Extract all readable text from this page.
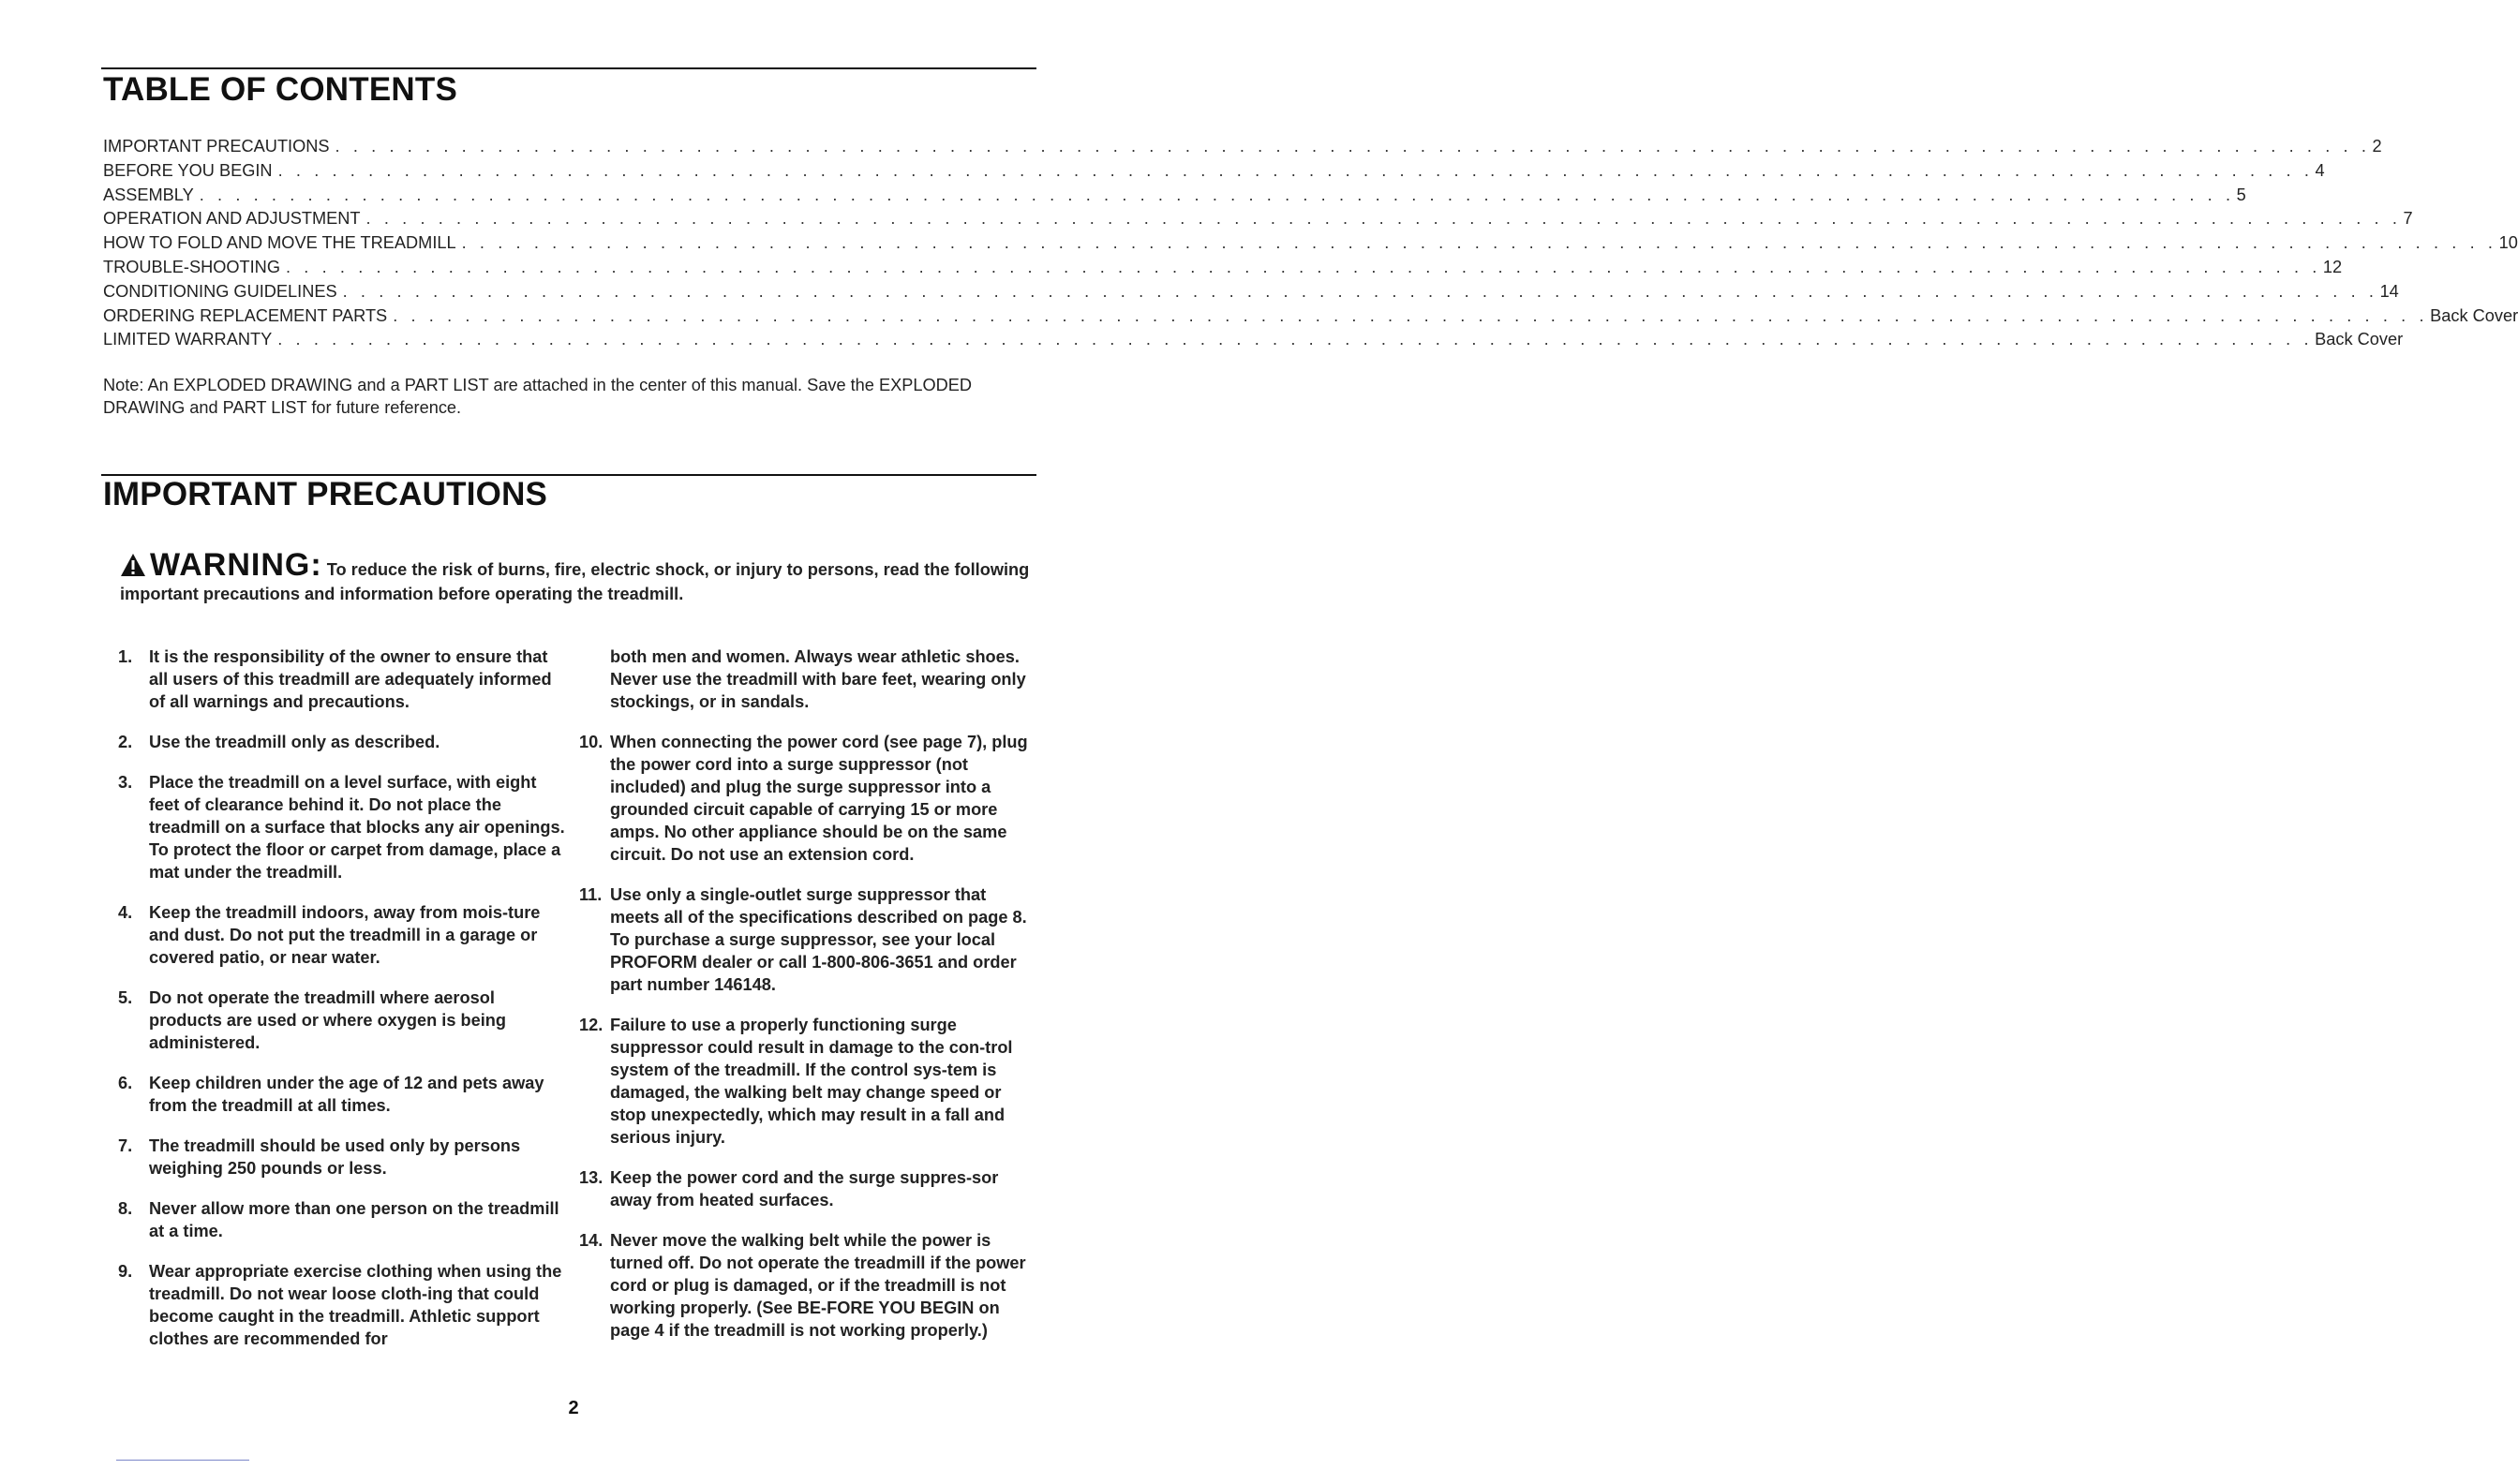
TABLE OF CONTENTS
IMPORTANT PRECAUTIONS . . . . . . . . . . . . . . . . . . . . . . . . . . . . . . . . . . . . . . . . . . . . . . . . . . . . . . . . . . . . . . . . . . . . . . . . . . . . . . . . . . . . . . . . . . . . . . . . . . . . . . . . . . . . . . . . . 2
BEFORE YOU BEGIN . . . . . . . . . . . . . . . . . . . . . . . . . . . . . . . . . . . . . . . . . . . . . . . . . . . . . . . . . . . . . . . . . . . . . . . . . . . . . . . . . . . . . . . . . . . . . . . . . . . . . . . . . . . . . . . . . 4
ASSEMBLY . . . . . . . . . . . . . . . . . . . . . . . . . . . . . . . . . . . . . . . . . . . . . . . . . . . . . . . . . . . . . . . . . . . . . . . . . . . . . . . . . . . . . . . . . . . . . . . . . . . . . . . . . . . . . . . . . 5
OPERATION AND ADJUSTMENT . . . . . . . . . . . . . . . . . . . . . . . . . . . . . . . . . . . . . . . . . . . . . . . . . . . . . . . . . . . . . . . . . . . . . . . . . . . . . . . . . . . . . . . . . . . . . . . . . . . . . . . . . . . . . . . . . 7
HOW TO FOLD AND MOVE THE TREADMILL . . . . . . . . . . . . . . . . . . . . . . . . . . . . . . . . . . . . . . . . . . . . . . . . . . . . . . . . . . . . . . . . . . . . . . . . . . . . . . . . . . . . . . . . . . . . . . . . . . . . . . . . . . . . . . . . . 10
TROUBLE-SHOOTING . . . . . . . . . . . . . . . . . . . . . . . . . . . . . . . . . . . . . . . . . . . . . . . . . . . . . . . . . . . . . . . . . . . . . . . . . . . . . . . . . . . . . . . . . . . . . . . . . . . . . . . . . . . . . . . . . 12
CONDITIONING GUIDELINES . . . . . . . . . . . . . . . . . . . . . . . . . . . . . . . . . . . . . . . . . . . . . . . . . . . . . . . . . . . . . . . . . . . . . . . . . . . . . . . . . . . . . . . . . . . . . . . . . . . . . . . . . . . . . . . . . 14
ORDERING REPLACEMENT PARTS . . . . . . . . . . . . . . . . . . . . . . . . . . . . . . . . . . . . . . . . . . . . . . . . . . . . . . . . . . . . . . . . . . . . . . . . . . . . . . . . . . . . . . . . . . . . . . . . . . . . . . . . . . . . . . . . . Back Cover
LIMITED WARRANTY . . . . . . . . . . . . . . . . . . . . . . . . . . . . . . . . . . . . . . . . . . . . . . . . . . . . . . . . . . . . . . . . . . . . . . . . . . . . . . . . . . . . . . . . . . . . . . . . . . . . . . . . . . . . . . . . . Back Cover

Note: An EXPLODED DRAWING and a PART LIST are attached in the center of this manual. Save the EXPLODED DRAWING and PART LIST for future reference.

IMPORTANT PRECAUTIONS
WARNING: To reduce the risk of burns, fire, electric shock, or injury to persons, read the following important precautions and information before operating the treadmill.
1. It is the responsibility of the owner to ensure that all users of this treadmill are adequately informed of all warnings and precautions.
2. Use the treadmill only as described.
3. Place the treadmill on a level surface, with eight feet of clearance behind it. Do not place the treadmill on a surface that blocks any air openings. To protect the floor or carpet from damage, place a mat under the treadmill.
4. Keep the treadmill indoors, away from mois-ture and dust. Do not put the treadmill in a garage or covered patio, or near water.
5. Do not operate the treadmill where aerosol products are used or where oxygen is being administered.
6. Keep children under the age of 12 and pets away from the treadmill at all times.
7. The treadmill should be used only by persons weighing 250 pounds or less.
8. Never allow more than one person on the treadmill at a time.
9. Wear appropriate exercise clothing when using the treadmill. Do not wear loose cloth-ing that could become caught in the treadmill. Athletic support clothes are recommended for
both men and women. Always wear athletic shoes. Never use the treadmill with bare feet, wearing only stockings, or in sandals.
10. When connecting the power cord (see page 7), plug the power cord into a surge suppressor (not included) and plug the surge suppressor into a grounded circuit capable of carrying 15 or more amps. No other appliance should be on the same circuit. Do not use an extension cord.
11. Use only a single-outlet surge suppressor that meets all of the specifications described on page 8. To purchase a surge suppressor, see your local PROFORM dealer or call 1-800-806-3651 and order part number 146148.
12. Failure to use a properly functioning surge suppressor could result in damage to the con-trol system of the treadmill. If the control sys-tem is damaged, the walking belt may change speed or stop unexpectedly, which may result in a fall and serious injury.
13. Keep the power cord and the surge suppres-sor away from heated surfaces.
14. Never move the walking belt while the power is turned off. Do not operate the treadmill if the power cord or plug is damaged, or if the treadmill is not working properly. (See BE-FORE YOU BEGIN on page 4 if the treadmill is not working properly.)
2
